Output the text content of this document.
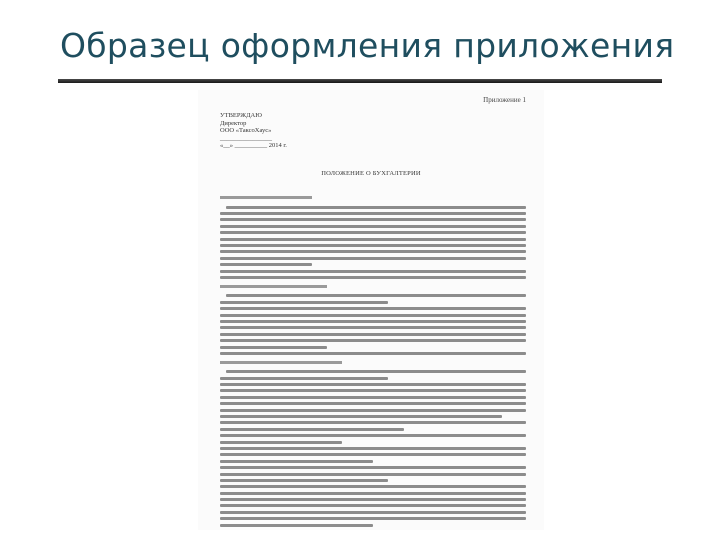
Образец оформления приложения
Приложение 1
УТВЕРЖДАЮ
Директор
ООО «ТаксоХаус»
________________
«__» __________ 2014 г.
ПОЛОЖЕНИЕ О БУХГАЛТЕРИИ
